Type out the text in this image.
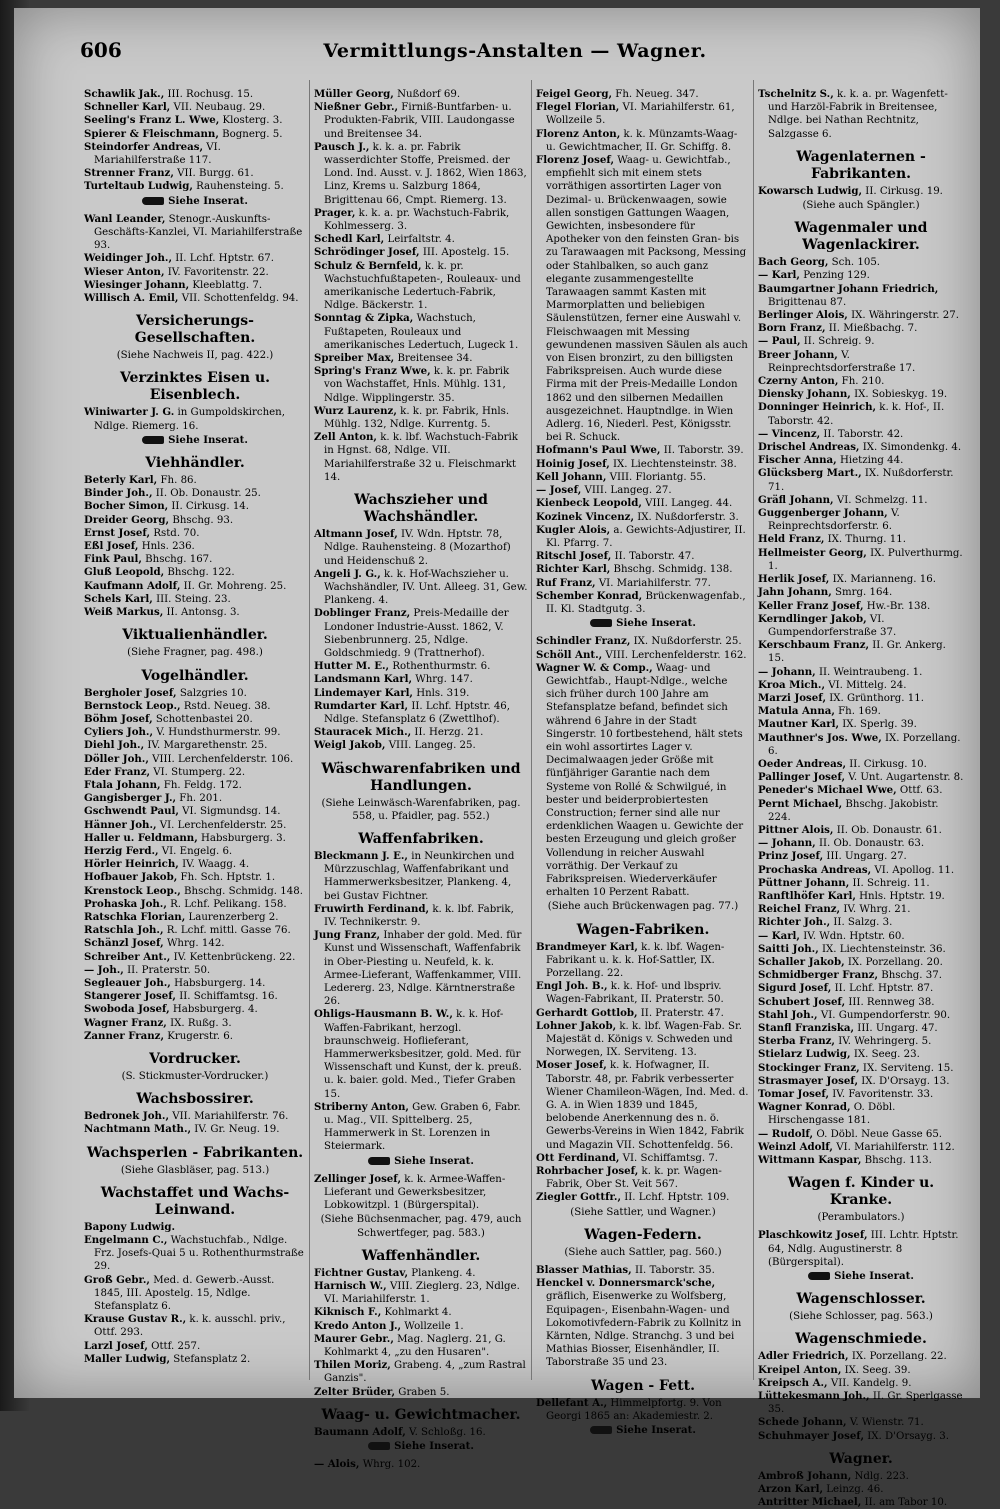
606	Vermittlungs-Anstalten — Wagner.
Schawlik Jak., III. Rochusg. 15.
Schneller Karl, VII. Neubaug. 29.
Seeling's Franz L. Wwe, Klosterg. 3.
Spierer & Fleischmann, Bognerg. 5.
Steindorfer Andreas, VI. Mariahilferstraße 117.
Strenner Franz, VII. Burgg. 61.
Turteltaub Ludwig, Rauhensteing. 5.
Siehe Inserat.
Wanl Leander, Stenogr.-Auskunfts-Geschäfts-Kanzlei, VI. Mariahilferstraße 93.
Weidinger Joh., II. Lchf. Hptstr. 67.
Wieser Anton, IV. Favoritenstr. 22.
Wiesinger Johann, Kleeblattg. 7.
Willisch A. Emil, VII. Schottenfeldg. 94.
Versicherungs-Gesellschaften.
(Siehe Nachweis II, pag. 422.)
Verzinktes Eisen u. Eisenblech.
Winiwarter J. G. in Gumpoldskirchen, Ndlge. Riemerg. 16.
Siehe Inserat.
Viehhändler.
Beterly Karl, Fh. 86.
Binder Joh., II. Ob. Donaustr. 25.
Bocher Simon, II. Cirkusg. 14.
Dreider Georg, Bhschg. 93.
Ernst Josef, Rstd. 70.
Eßl Josef, Hnls. 236.
Fink Paul, Bhschg. 167.
Gluß Leopold, Bhschg. 122.
Kaufmann Adolf, II. Gr. Mohreng. 25.
Schels Karl, III. Steing. 23.
Weiß Markus, II. Antonsg. 3.
Viktualienhändler.
(Siehe Fragner, pag. 498.)
Vogelhändler.
Bergholer Josef, Salzgries 10.
Bernstock Leop., Rstd. Neueg. 38.
Böhm Josef, Schottenbastei 20.
Cyliers Joh., V. Hundsthurmerstr. 99.
Diehl Joh., IV. Margarethenstr. 25.
Döller Joh., VIII. Lerchenfelderstr. 106.
Eder Franz, VI. Stumperg. 22.
Ftala Johann, Fh. Feldg. 172.
Gangisberger J., Fh. 201.
Gschwendt Paul, VI. Sigmundsg. 14.
Hänner Joh., VI. Lerchenfelderstr. 25.
Haller u. Feldmann, Habsburgerg. 3.
Herzig Ferd., VI. Engelg. 6.
Hörler Heinrich, IV. Waagg. 4.
Hofbauer Jakob, Fh. Sch. Hptstr. 1.
Krenstock Leop., Bhschg. Schmidg. 148.
Prohaska Joh., R. Lchf. Pelikang. 158.
Ratschka Florian, Laurenzerberg 2.
Ratschla Joh., R. Lchf. mittl. Gasse 76.
Schänzl Josef, Whrg. 142.
Schreiber Ant., IV. Kettenbrückeng. 22.
— Joh., II. Praterstr. 50.
Segleauer Joh., Habsburgerg. 14.
Stangerer Josef, II. Schiffamtsg. 16.
Swoboda Josef, Habsburgerg. 4.
Wagner Franz, IX. Rußg. 3.
Zanner Franz, Krugerstr. 6.
Vordrucker.
(S. Stickmuster-Vordrucker.)
Wachsbossirer.
Bedronek Joh., VII. Mariahilferstr. 76.
Nachtmann Math., IV. Gr. Neug. 19.
Wachsperlen - Fabrikanten.
(Siehe Glasbläser, pag. 513.)
Wachstaffet und Wachs-Leinwand.
Bapony Ludwig.
Engelmann C., Wachstuchfab., Ndlge. Frz. Josefs-Quai 5 u. Rothenthurmstraße 29.
Groß Gebr., Med. d. Gewerb.-Ausst. 1845, III. Apostelg. 15, Ndlge. Stefansplatz 6.
Krause Gustav R., k. k. ausschl. priv., Ottf. 293.
Larzl Josef, Ottf. 257.
Maller Ludwig, Stefansplatz 2.
Müller Georg, Nußdorf 69.
Nießner Gebr., Firniß-Buntfarben- u. Produkten-Fabrik, VIII. Laudongasse und Breitensee 34.
Pausch J., k. k. a. pr. Fabrik wasserdichter Stoffe, Preismed. der Lond. Ind. Ausst. v. J. 1862, Wien 1863, Linz, Krems u. Salzburg 1864, Brigittenau 66, Cmpt. Riemerg. 13.
Prager, k. k. a. pr. Wachstuch-Fabrik, Kohlmesserg. 3.
Schedl Karl, Leirfaltstr. 4.
Schrödinger Josef, III. Apostelg. 15.
Schulz & Bernfeld, k. k. pr. Wachstuchfußtapeten-, Rouleaux- und amerikanische Ledertuch-Fabrik, Ndlge. Bäckerstr. 1.
Sonntag & Zipka, Wachstuch, Fußtapeten, Rouleaux und amerikanisches Ledertuch, Lugeck 1.
Spreiber Max, Breitensee 34.
Spring's Franz Wwe, k. k. pr. Fabrik von Wachstaffet, Hnls. Mühlg. 131, Ndlge. Wipplingerstr. 35.
Wurz Laurenz, k. k. pr. Fabrik, Hnls. Mühlg. 132, Ndlge. Kurrentg. 5.
Zell Anton, k. k. lbf. Wachstuch-Fabrik in Hgnst. 68, Ndlge. VII. Mariahilferstraße 32 u. Fleischmarkt 14.
Wachszieher und Wachshändler.
Altmann Josef, IV. Wdn. Hptstr. 78, Ndlge. Rauhensteing. 8 (Mozarthof) und Heidenschuß 2.
Angeli J. G., k. k. Hof-Wachszieher u. Wachshändler, IV. Unt. Alleeg. 31, Gew. Plankeng. 4.
Doblinger Franz, Preis-Medaille der Londoner Industrie-Ausst. 1862, V. Siebenbrunnerg. 25, Ndlge. Goldschmiedg. 9 (Trattnerhof).
Hutter M. E., Rothenthurmstr. 6.
Landsmann Karl, Whrg. 147.
Lindemayer Karl, Hnls. 319.
Rumdarter Karl, II. Lchf. Hptstr. 46, Ndlge. Stefansplatz 6 (Zwettlhof).
Stauracek Mich., II. Herzg. 21.
Weigl Jakob, VIII. Langeg. 25.
Wäschwarenfabriken und Handlungen.
(Siehe Leinwäsch-Warenfabriken, pag. 558, u. Pfaidler, pag. 552.)
Waffenfabriken.
Bleckmann J. E., in Neunkirchen und Mürzzuschlag, Waffenfabrikant und Hammerwerksbesitzer, Plankeng. 4, bei Gustav Fichtner.
Fruwirth Ferdinand, k. k. lbf. Fabrik, IV. Technikerstr. 9.
Jung Franz, Inhaber der gold. Med. für Kunst und Wissenschaft, Waffenfabrik in Ober-Piesting u. Neufeld, k. k. Armee-Lieferant, Waffenkammer, VIII. Ledererg. 23, Ndlge. Kärntnerstraße 26.
Ohligs-Hausmann B. W., k. k. Hof-Waffen-Fabrikant, herzogl. braunschweig. Hoflieferant, Hammerwerksbesitzer, gold. Med. für Wissenschaft und Kunst, der k. preuß. u. k. baier. gold. Med., Tiefer Graben 15.
Striberny Anton, Gew. Graben 6, Fabr. u. Mag., VII. Spittelberg. 25, Hammerwerk in St. Lorenzen in Steiermark.
Siehe Inserat.
Zellinger Josef, k. k. Armee-Waffen-Lieferant und Gewerksbesitzer, Lobkowitzpl. 1 (Bürgerspital).
(Siehe Büchsenmacher, pag. 479, auch Schwertfeger, pag. 583.)
Waffenhändler.
Fichtner Gustav, Plankeng. 4.
Harnisch W., VIII. Zieglerg. 23, Ndlge. VI. Mariahilferstr. 1.
Kiknisch F., Kohlmarkt 4.
Kredo Anton J., Wollzeile 1.
Maurer Gebr., Mag. Naglerg. 21, G. Kohlmarkt 4, „zu den Husaren".
Thilen Moriz, Grabeng. 4, „zum Rastral Ganzis".
Zelter Brüder, Graben 5.
Waag- u. Gewichtmacher.
Baumann Adolf, V. Schloßg. 16.
Siehe Inserat.
— Alois, Whrg. 102.
Feigel Georg, Fh. Neueg. 347.
Flegel Florian, VI. Mariahilferstr. 61, Wollzeile 5.
Florenz Anton, k. k. Münzamts-Waag- u. Gewichtmacher, II. Gr. Schiffg. 8.
Florenz Josef, Waag- u. Gewichtfab., empfiehlt sich mit einem stets vorräthigen assortirten Lager von Dezimal- u. Brückenwaagen, sowie allen sonstigen Gattungen Waagen, Gewichten, insbesondere für Apotheker von den feinsten Gran- bis zu Tarawaagen mit Packsong, Messing oder Stahlbalken, so auch ganz elegante zusammengestellte Tarawaagen sammt Kasten mit Marmorplatten und beliebigen Säulenstützen, ferner eine Auswahl v. Fleischwaagen mit Messing gewundenen massiven Säulen als auch von Eisen bronzirt, zu den billigsten Fabrikspreisen. Auch wurde diese Firma mit der Preis-Medaille London 1862 und den silbernen Medaillen ausgezeichnet. Hauptndlge. in Wien Adlerg. 16, Niederl. Pest, Königsstr. bei R. Schuck.
Hofmann's Paul Wwe, II. Taborstr. 39.
Hoinig Josef, IX. Liechtensteinstr. 38.
Kell Johann, VIII. Floriantg. 55.
— Josef, VIII. Langeg. 27.
Kienbeck Leopold, VIII. Langeg. 44.
Kozinek Vincenz, IX. Nußdorferstr. 3.
Kugler Alois, a. Gewichts-Adjustirer, II. Kl. Pfarrg. 7.
Ritschl Josef, II. Taborstr. 47.
Richter Karl, Bhschg. Schmidg. 138.
Ruf Franz, VI. Mariahilferstr. 77.
Schember Konrad, Brückenwagenfab., II. Kl. Stadtgutg. 3.
Siehe Inserat.
Schindler Franz, IX. Nußdorferstr. 25.
Schöll Ant., VIII. Lerchenfelderstr. 162.
Wagner W. & Comp., Waag- und Gewichtfab., Haupt-Ndlge., welche sich früher durch 100 Jahre am Stefansplatze befand, befindet sich während 6 Jahre in der Stadt Singerstr. 10 fortbestehend, hält stets ein wohl assortirtes Lager v. Decimalwaagen jeder Größe mit fünfjähriger Garantie nach dem Systeme von Rollé & Schwilgué, in bester und beiderprobiertesten Construction; ferner sind alle nur erdenklichen Waagen u. Gewichte der besten Erzeugung und gleich großer Vollendung in reicher Auswahl vorräthig. Der Verkauf zu Fabrikspreisen. Wiederverkäufer erhalten 10 Perzent Rabatt.
(Siehe auch Brückenwagen pag. 77.)
Wagen-Fabriken.
Brandmeyer Karl, k. k. lbf. Wagen-Fabrikant u. k. k. Hof-Sattler, IX. Porzellang. 22.
Engl Joh. B., k. k. Hof- und lbspriv. Wagen-Fabrikant, II. Praterstr. 50.
Gerhardt Gottlob, II. Praterstr. 47.
Lohner Jakob, k. k. lbf. Wagen-Fab. Sr. Majestät d. Königs v. Schweden und Norwegen, IX. Serviteng. 13.
Moser Josef, k. k. Hofwagner, II. Taborstr. 48, pr. Fabrik verbesserter Wiener Chamileon-Wägen, Ind. Med. d. G. A. in Wien 1839 und 1845, belobende Anerkennung des n. ö. Gewerbs-Vereins in Wien 1842, Fabrik und Magazin VII. Schottenfeldg. 56.
Ott Ferdinand, VI. Schiffamtsg. 7.
Rohrbacher Josef, k. k. pr. Wagen-Fabrik, Ober St. Veit 567.
Ziegler Gottfr., II. Lchf. Hptstr. 109.
(Siehe Sattler, und Wagner.)
Wagen-Federn.
(Siehe auch Sattler, pag. 560.)
Blasser Mathias, II. Taborstr. 35.
Henckel v. Donnersmarck'sche, gräflich, Eisenwerke zu Wolfsberg, Equipagen-, Eisenbahn-Wagen- und Lokomotivfedern-Fabrik zu Kollnitz in Kärnten, Ndlge. Stranchg. 3 und bei Mathias Biosser, Eisenhändler, II. Taborstraße 35 und 23.
Wagen - Fett.
Dellefant A., Himmelpfortg. 9. Von Georgi 1865 an: Akademiestr. 2.
Siehe Inserat.
Tschelnitz S., k. k. a. pr. Wagenfett- und Harzöl-Fabrik in Breitensee, Ndlge. bei Nathan Rechtnitz, Salzgasse 6.
Wagenlaternen - Fabrikanten.
Kowarsch Ludwig, II. Cirkusg. 19.
(Siehe auch Spängler.)
Wagenmaler und Wagenlackirer.
Bach Georg, Sch. 105.
— Karl, Penzing 129.
Baumgartner Johann Friedrich, Brigittenau 87.
Berlinger Alois, IX. Währingerstr. 27.
Born Franz, II. Mießbachg. 7.
— Paul, II. Schreig. 9.
Breer Johann, V. Reinprechtsdorferstraße 17.
Czerny Anton, Fh. 210.
Diensky Johann, IX. Sobieskyg. 19.
Donninger Heinrich, k. k. Hof-, II. Taborstr. 42.
— Vincenz, II. Taborstr. 42.
Drischel Andreas, IX. Simondenkg. 4.
Fischer Anna, Hietzing 44.
Glücksberg Mart., IX. Nußdorferstr. 71.
Gräfl Johann, VI. Schmelzg. 11.
Guggenberger Johann, V. Reinprechtsdorferstr. 6.
Held Franz, IX. Thurng. 11.
Hellmeister Georg, IX. Pulverthurmg. 1.
Herlik Josef, IX. Marianneng. 16.
Jahn Johann, Smrg. 164.
Keller Franz Josef, Hw.-Br. 138.
Kerndlinger Jakob, VI. Gumpendorferstraße 37.
Kerschbaum Franz, II. Gr. Ankerg. 15.
— Johann, II. Weintraubeng. 1.
Kroa Mich., VI. Mittelg. 24.
Marzi Josef, IX. Grünthorg. 11.
Matula Anna, Fh. 169.
Mautner Karl, IX. Sperlg. 39.
Mauthner's Jos. Wwe, IX. Porzellang. 6.
Oeder Andreas, II. Cirkusg. 10.
Pallinger Josef, V. Unt. Augartenstr. 8.
Peneder's Michael Wwe, Ottf. 63.
Pernt Michael, Bhschg. Jakobistr. 224.
Pittner Alois, II. Ob. Donaustr. 61.
— Johann, II. Ob. Donaustr. 63.
Prinz Josef, III. Ungarg. 27.
Prochaska Andreas, VI. Apollog. 11.
Püttner Johann, II. Schreig. 11.
Ranftlhöfer Karl, Hnls. Hptstr. 19.
Reichel Franz, IV. Whrg. 21.
Richter Joh., II. Salzg. 3.
— Karl, IV. Wdn. Hptstr. 60.
Saitti Joh., IX. Liechtensteinstr. 36.
Schaller Jakob, IX. Porzellang. 20.
Schmidberger Franz, Bhschg. 37.
Sigurd Josef, II. Lchf. Hptstr. 87.
Schubert Josef, III. Rennweg 38.
Stahl Joh., VI. Gumpendorferstr. 90.
Stanfl Franziska, III. Ungarg. 47.
Sterba Franz, IV. Wehringerg. 5.
Stielarz Ludwig, IX. Seeg. 23.
Stockinger Franz, IX. Serviteng. 15.
Strasmayer Josef, IX. D'Orsayg. 13.
Tomar Josef, IV. Favoritenstr. 33.
Wagner Konrad, O. Döbl. Hirschengasse 181.
— Rudolf, O. Döbl. Neue Gasse 65.
Weinzl Adolf, VI. Mariahilferstr. 112.
Wittmann Kaspar, Bhschg. 113.
Wagen f. Kinder u. Kranke.
(Perambulators.)
Plaschkowitz Josef, III. Lchtr. Hptstr. 64, Ndlg. Augustinerstr. 8 (Bürgerspital).
Siehe Inserat.
Wagenschlosser.
(Siehe Schlosser, pag. 563.)
Wagenschmiede.
Adler Friedrich, IX. Porzellang. 22.
Kreipel Anton, IX. Seeg. 39.
Kreipsch A., VII. Kandelg. 9.
Lüttekesmann Joh., II. Gr. Sperlgasse 35.
Schede Johann, V. Wienstr. 71.
Schuhmayer Josef, IX. D'Orsayg. 3.
Wagner.
Ambroß Johann, Ndlg. 223.
Arzon Karl, Leinzg. 46.
Antritter Michael, II. am Tabor 10.
